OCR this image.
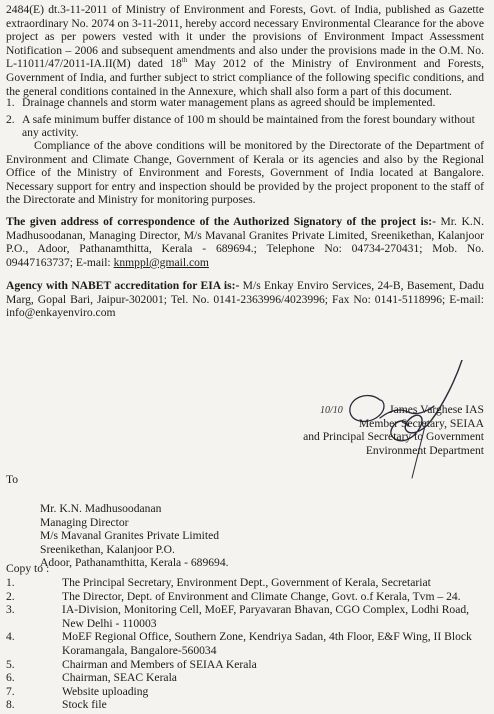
2484(E) dt.3-11-2011 of Ministry of Environment and Forests, Govt. of India, published as Gazette extraordinary No. 2074 on 3-11-2011, hereby accord necessary Environmental Clearance for the above project as per powers vested with it under the provisions of Environment Impact Assessment Notification – 2006 and subsequent amendments and also under the provisions made in the O.M. No. L-11011/47/2011-IA.II(M) dated 18th May 2012 of the Ministry of Environment and Forests, Government of India, and further subject to strict compliance of the following specific conditions, and the general conditions contained in the Annexure, which shall also form a part of this document.

1. Drainage channels and storm water management plans as agreed should be implemented.
2. A safe minimum buffer distance of 100 m should be maintained from the forest boundary without any activity.

Compliance of the above conditions will be monitored by the Directorate of the Department of Environment and Climate Change, Government of Kerala or its agencies and also by the Regional Office of the Ministry of Environment and Forests, Government of India located at Bangalore. Necessary support for entry and inspection should be provided by the project proponent to the staff of the Directorate and Ministry for monitoring purposes.

The given address of correspondence of the Authorized Signatory of the project is:- Mr. K.N. Madhusoodanan, Managing Director, M/s Mavanal Granites Private Limited, Sreenikethan, Kalanjoor P.O., Adoor, Pathanamthitta, Kerala - 689694.; Telephone No: 04734-270431; Mob. No. 09447163737; E-mail: knmppl@gmail.com

Agency with NABET accreditation for EIA is:- M/s Enkay Enviro Services, 24-B, Basement, Dadu Marg, Gopal Bari, Jaipur-302001; Tel. No. 0141-2363996/4023996; Fax No: 0141-5118996; E-mail: info@enkayenviro.com

10/10	James Varghese IAS
Member Secretary, SEIAA
and Principal Secretary to Government
Environment Department
To
Mr. K.N. Madhusoodanan
Managing Director
M/s Mavanal Granites Private Limited
Sreenikethan, Kalanjoor P.O.
Adoor, Pathanamthitta, Kerala - 689694.
Copy to :
1.	The Principal Secretary, Environment Dept., Government of Kerala, Secretariat
2.	The Director, Dept. of Environment and Climate Change, Govt. o.f Kerala, Tvm – 24.
3.	IA-Division, Monitoring Cell, MoEF, Paryavaran Bhavan, CGO Complex, Lodhi Road, New Delhi - 110003
4.	MoEF Regional Office, Southern Zone, Kendriya Sadan, 4th Floor, E&F Wing, II Block Koramangala, Bangalore-560034
5.	Chairman and Members of SEIAA Kerala
6.	Chairman, SEAC Kerala
7.	Website uploading
8.	Stock file
